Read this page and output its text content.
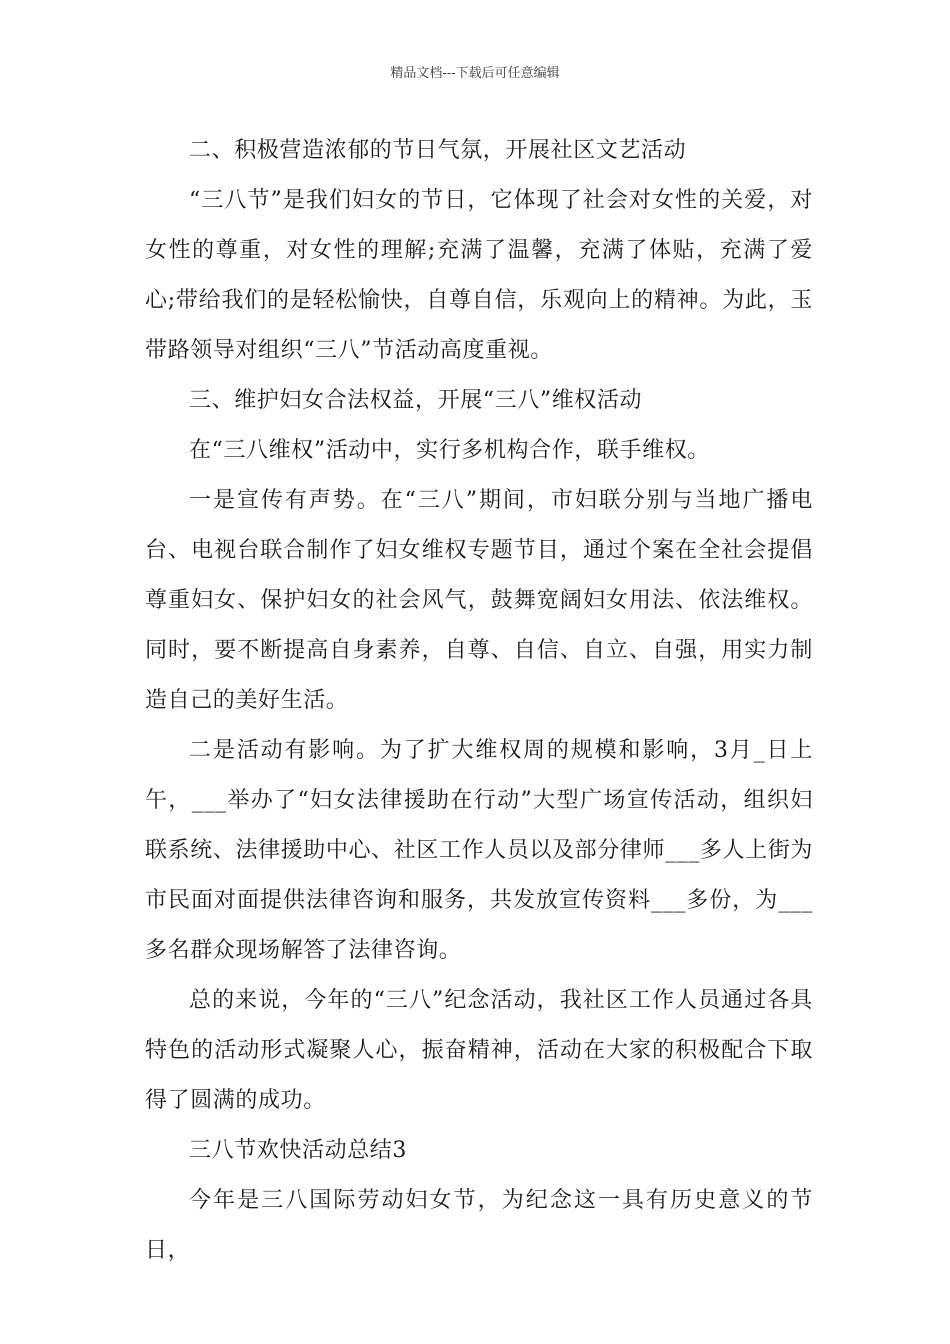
精品文档---下载后可任意编辑

二、积极营造浓郁的节日气氛，开展社区文艺活动

“三八节”是我们妇女的节日，它体现了社会对女性的关爱，对女性的尊重，对女性的理解;充满了温馨，充满了体贴，充满了爱心;带给我们的是轻松愉快，自尊自信，乐观向上的精神。为此，玉带路领导对组织“三八”节活动高度重视。

三、维护妇女合法权益，开展“三八”维权活动

在“三八维权”活动中，实行多机构合作，联手维权。

一是宣传有声势。在“三八”期间，市妇联分别与当地广播电台、电视台联合制作了妇女维权专题节目，通过个案在全社会提倡尊重妇女、保护妇女的社会风气，鼓舞宽阔妇女用法、依法维权。同时，要不断提高自身素养，自尊、自信、自立、自强，用实力制造自己的美好生活。

二是活动有影响。为了扩大维权周的规模和影响，3月_日上午，___举办了“妇女法律援助在行动”大型广场宣传活动，组织妇联系统、法律援助中心、社区工作人员以及部分律师___多人上街为市民面对面提供法律咨询和服务，共发放宣传资料___多份，为___多名群众现场解答了法律咨询。

总的来说，今年的“三八”纪念活动，我社区工作人员通过各具特色的活动形式凝聚人心，振奋精神，活动在大家的积极配合下取得了圆满的成功。

三八节欢快活动总结3

今年是三八国际劳动妇女节，为纪念这一具有历史意义的节日，
